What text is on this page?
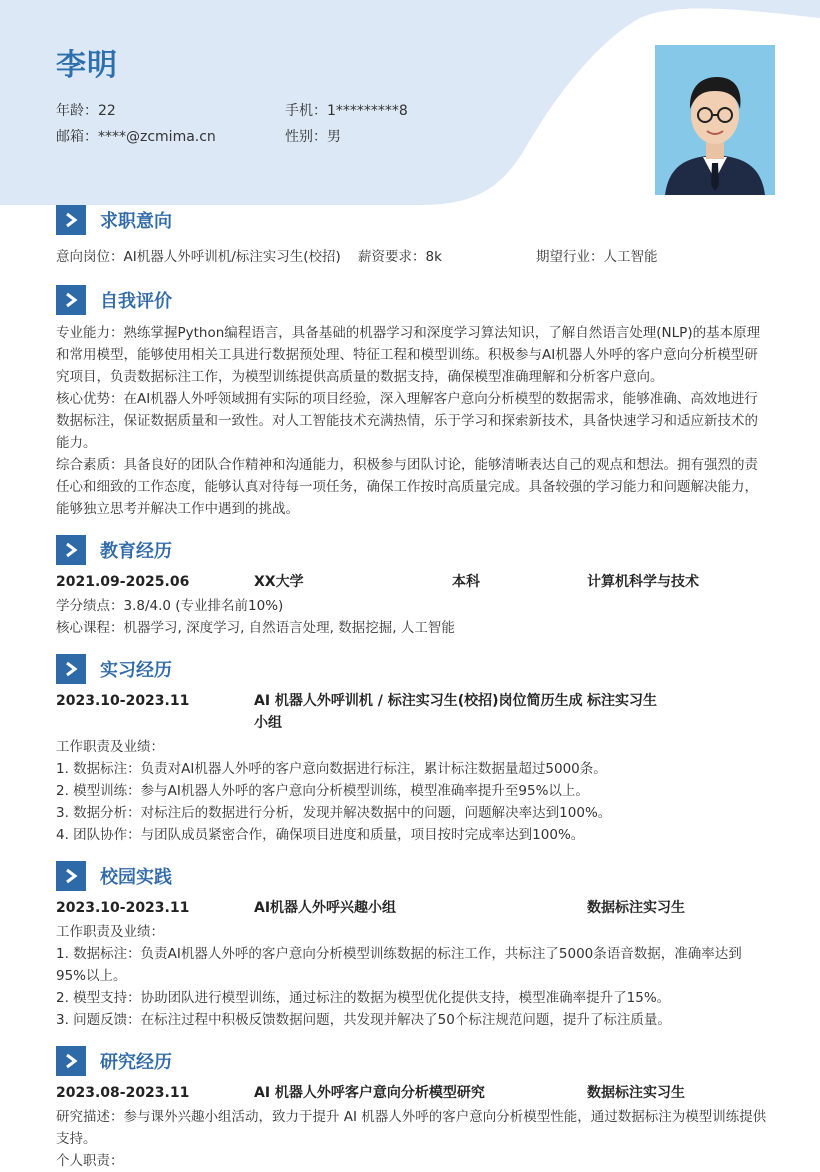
李明
年龄：22	手机：1*********8
邮箱：****@zcmima.cn	性别：男
求职意向
意向岗位：AI机器人外呼训机/标注实习生(校招)	薪资要求：8k	期望行业：人工智能
自我评价
专业能力：熟练掌握Python编程语言，具备基础的机器学习和深度学习算法知识，了解自然语言处理(NLP)的基本原理和常用模型，能够使用相关工具进行数据预处理、特征工程和模型训练。积极参与AI机器人外呼的客户意向分析模型研究项目，负责数据标注工作，为模型训练提供高质量的数据支持，确保模型准确理解和分析客户意向。
核心优势：在AI机器人外呼领域拥有实际的项目经验，深入理解客户意向分析模型的数据需求，能够准确、高效地进行数据标注，保证数据质量和一致性。对人工智能技术充满热情，乐于学习和探索新技术，具备快速学习和适应新技术的能力。
综合素质：具备良好的团队合作精神和沟通能力，积极参与团队讨论，能够清晰表达自己的观点和想法。拥有强烈的责任心和细致的工作态度，能够认真对待每一项任务，确保工作按时高质量完成。具备较强的学习能力和问题解决能力，能够独立思考并解决工作中遇到的挑战。
教育经历
2021.09-2025.06	XX大学	本科	计算机科学与技术
学分绩点：3.8/4.0 (专业排名前10%)
核心课程：机器学习, 深度学习, 自然语言处理, 数据挖掘, 人工智能
实习经历
2023.10-2023.11	AI 机器人外呼训机 / 标注实习生(校招)岗位简历生成 标注实习生
小组
工作职责及业绩：
1. 数据标注：负责对AI机器人外呼的客户意向数据进行标注，累计标注数据量超过5000条。
2. 模型训练：参与AI机器人外呼的客户意向分析模型训练，模型准确率提升至95%以上。
3. 数据分析：对标注后的数据进行分析，发现并解决数据中的问题，问题解决率达到100%。
4. 团队协作：与团队成员紧密合作，确保项目进度和质量，项目按时完成率达到100%。
校园实践
2023.10-2023.11	AI机器人外呼兴趣小组	数据标注实习生
工作职责及业绩：
1. 数据标注：负责AI机器人外呼的客户意向分析模型训练数据的标注工作，共标注了5000条语音数据，准确率达到95%以上。
2. 模型支持：协助团队进行模型训练，通过标注的数据为模型优化提供支持，模型准确率提升了15%。
3. 问题反馈：在标注过程中积极反馈数据问题，共发现并解决了50个标注规范问题，提升了标注质量。
研究经历
2023.08-2023.11	AI 机器人外呼客户意向分析模型研究	数据标注实习生
研究描述：参与课外兴趣小组活动，致力于提升 AI 机器人外呼的客户意向分析模型性能，通过数据标注为模型训练提供支持。
个人职责：
